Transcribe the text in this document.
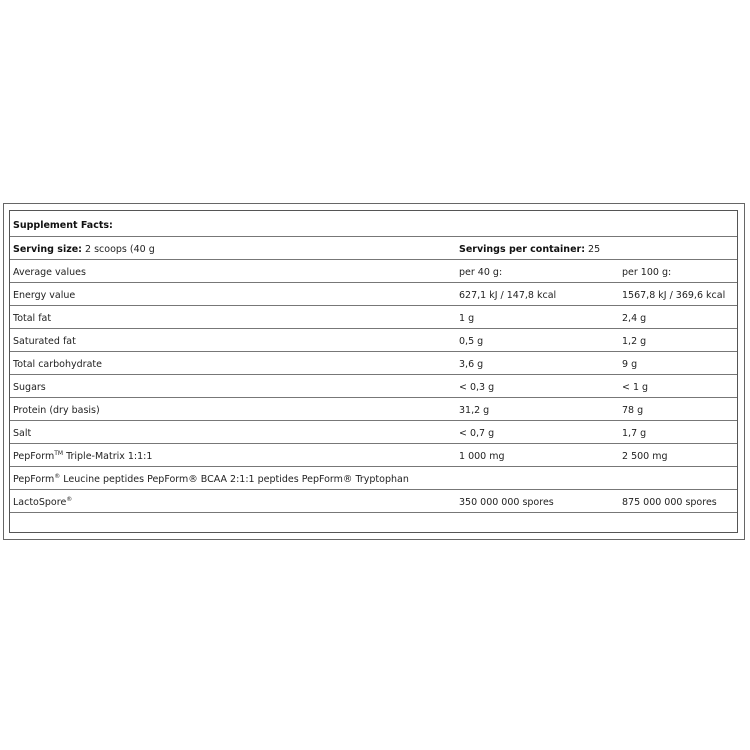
Supplement Facts:
Serving size: 2 scoops (40 g	Servings per container: 25
Average values	per 40 g:	per 100 g:
Energy value	627,1 kJ / 147,8 kcal	1567,8 kJ / 369,6 kcal
Total fat	1 g	2,4 g
Saturated fat	0,5 g	1,2 g
Total carbohydrate	3,6 g	9 g
Sugars	< 0,3 g	< 1 g
Protein (dry basis)	31,2 g	78 g
Salt	< 0,7 g	1,7 g
PepForm™ Triple-Matrix 1:1:1	1 000 mg	2 500 mg
PepForm® Leucine peptides PepForm® BCAA 2:1:1 peptides PepForm® Tryptophan
LactoSpore®	350 000 000 spores	875 000 000 spores
